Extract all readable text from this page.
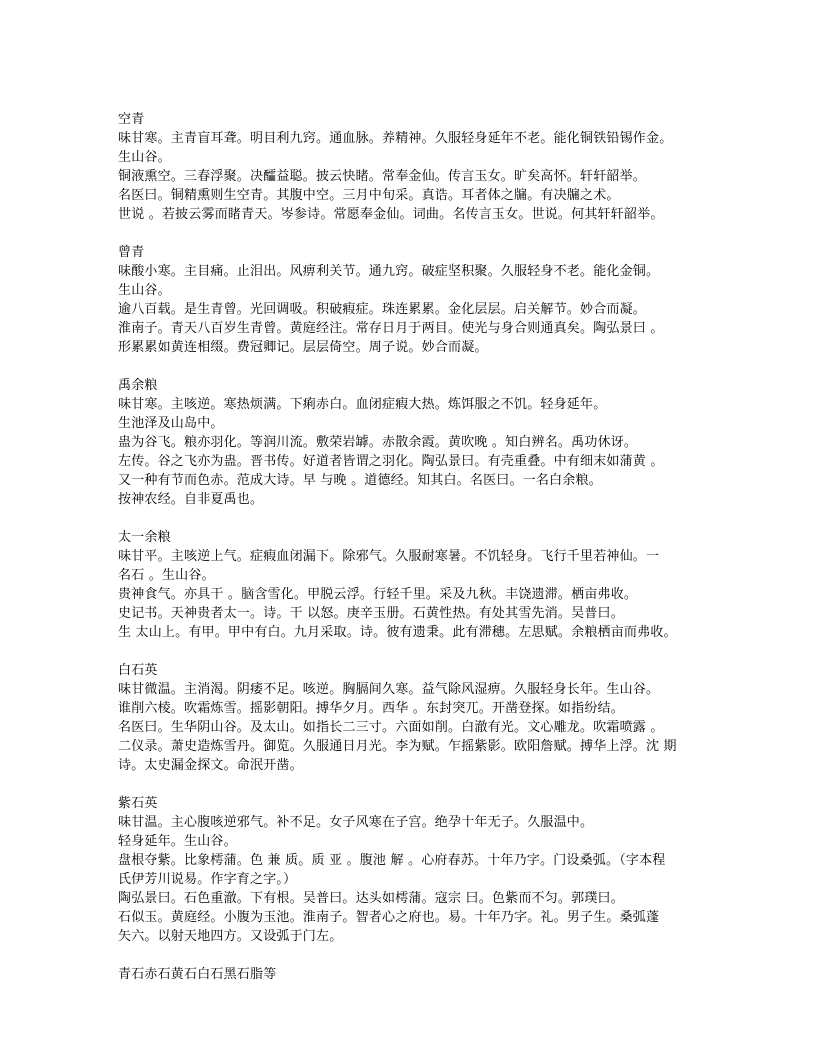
空青

味甘寒。主青盲耳聋。明目利九窍。通血脉。养精神。久服轻身延年不老。能化铜铁铅锡作金。

生山谷。

铜液熏空。三春浮聚。决醽益聪。披云快睹。常奉金仙。传言玉女。旷矣高怀。轩轩韶举。

名医曰。铜精熏则生空青。其腹中空。三月中旬采。真诰。耳者体之牖。有决牖之术。

世说 。若披云雾而睹青天。岑参诗。常愿奉金仙。词曲。名传言玉女。世说。何其轩轩韶举。

曾青

味酸小寒。主目痛。止泪出。风痹利关节。通九窍。破症坚积聚。久服轻身不老。能化金铜。

生山谷。

逾八百载。是生青曾。光回调吸。积破瘕症。珠连累累。金化层层。启关解节。妙合而凝。

淮南子。青天八百岁生青曾。黄庭经注。常存日月于两目。使光与身合则通真矣。陶弘景曰 。

形累累如黄连相缀。费冠卿记。层层倚空。周子说。妙合而凝。

禹余粮

味甘寒。主咳逆。寒热烦满。下痢赤白。血闭症瘕大热。炼饵服之不饥。轻身延年。

生池泽及山岛中。

蛊为谷飞。粮亦羽化。等润川流。敷荣岩罅。赤散余霞。黄吹晚 。知白辨名。禹功休讶。

左传。谷之飞亦为蛊。晋书传。好道者皆谓之羽化。陶弘景曰。有壳重叠。中有细末如蒲黄 。

又一种有节而色赤。范成大诗。早 与晚 。道德经。知其白。名医曰。一名白余粮。

按神农经。自非夏禹也。

太一余粮

味甘平。主咳逆上气。症瘕血闭漏下。除邪气。久服耐寒暑。不饥轻身。飞行千里若神仙。一

名石 。生山谷。

贵神食气。亦具干 。脑含雪化。甲脱云浮。行轻千里。采及九秋。丰饶遗滞。栖亩弗收。

史记书。天神贵者太一。诗。干 以怒。庚辛玉册。石黄性热。有处其雪先消。吴普曰。

生 太山上。有甲。甲中有白。九月采取。诗。彼有遗秉。此有滞穗。左思赋。余粮栖亩而弗收。

白石英

味甘微温。主消渴。阴痿不足。咳逆。胸膈间久寒。益气除风湿痹。久服轻身长年。生山谷。

谁削六棱。吹霜炼雪。摇影朝阳。搏华夕月。西华 。东封突兀。开凿登探。如指纷结。

名医曰。生华阴山谷。及太山。如指长二三寸。六面如削。白澈有光。文心雕龙。吹霜喷露 。

二仪录。萧史造炼雪丹。御览。久服通日月光。李为赋。乍摇紫影。欧阳詹赋。搏华上浮。沈 期

诗。太史漏金探文。命泯开凿。

紫石英

味甘温。主心腹咳逆邪气。补不足。女子风寒在子宫。绝孕十年无子。久服温中。

轻身延年。生山谷。

盘根夺紫。比象樗蒲。色 兼 质。质 亚 。腹池 解 。心府春苏。十年乃字。门设桑弧。（字本程

氏伊芳川说易。作字育之字。）

陶弘景曰。石色重澈。下有根。吴普曰。达头如樗蒲。寇宗 曰。色紫而不匀。郭璞曰。

石似玉。黄庭经。小腹为玉池。淮南子。智者心之府也。易。十年乃字。礼。男子生。桑弧蓬

矢六。以射天地四方。又设弧于门左。

青石赤石黄石白石黑石脂等
